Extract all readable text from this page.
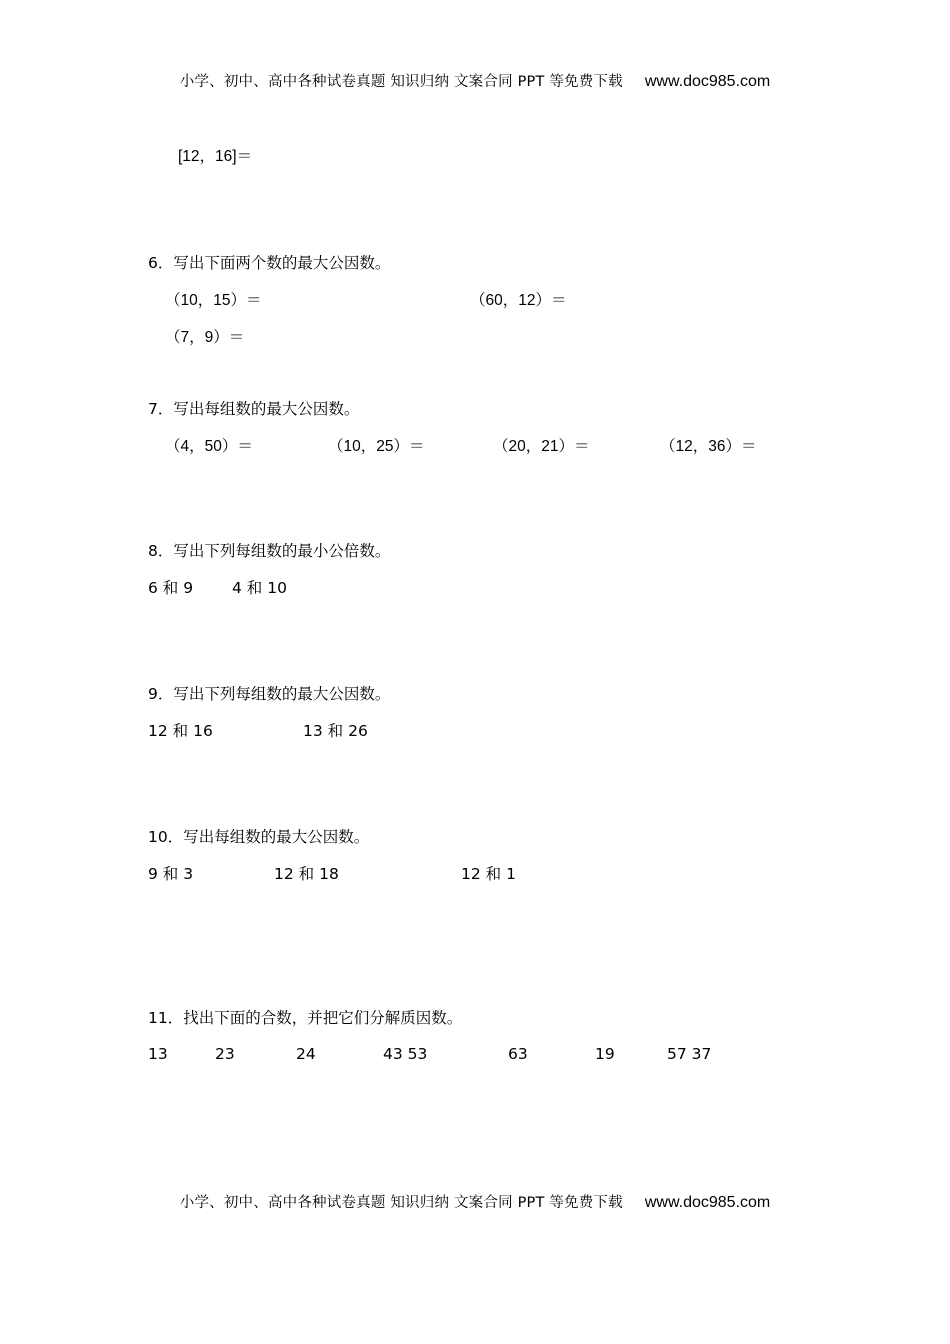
小学、初中、高中各种试卷真题 知识归纳 文案合同 PPT 等免费下载 www.doc985.com
[12，16]＝
6．写出下面两个数的最大公因数。
（10，15）＝	（60，12）＝
（7，9）＝
7．写出每组数的最大公因数。
（4，50）＝	（10，25）＝	（20，21）＝	（12，36）＝
8．写出下列每组数的最小公倍数。
6 和 9	4 和 10
9．写出下列每组数的最大公因数。
12 和 16	13 和 26
10．写出每组数的最大公因数。
9 和 3	12 和 18	12 和 1
11．找出下面的合数，并把它们分解质因数。
13	23	24	43 53	63	19	57 37
小学、初中、高中各种试卷真题 知识归纳 文案合同 PPT 等免费下载 www.doc985.com
